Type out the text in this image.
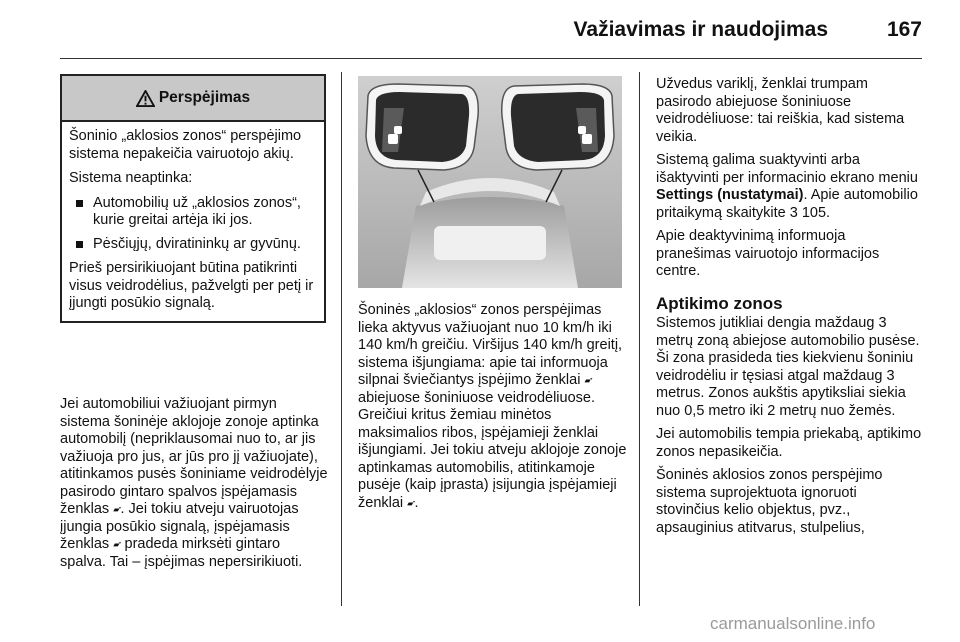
Važiavimas ir naudojimas	167
Perspėjimas

Šoninio „aklosios zonos“ perspėjimo sistema nepakeičia vairuotojo akių.

Sistema neaptinka:

Automobilių už „aklosios zonos“, kurie greitai artėja iki jos.
Pėsčiųjų, dviratininkų ar gyvūnų.

Prieš persirikiuojant būtina patikrinti visus veidrodėlius, pažvelgti per petį ir įjungti posūkio signalą.

Jei automobiliui važiuojant pirmyn sistema šoninėje aklojoje zonoje aptinka automobilį (nepriklausomai nuo to, ar jis važiuoja pro jus, ar jūs pro jį važiuojate), atitinkamos pusės šoniniame veidrodėlyje pasirodo gintaro spalvos įspėjamasis ženklas ▰ᐩ. Jei tokiu atveju vairuotojas įjungia posūkio signalą, įspėjamasis ženklas ▰ᐩ pradeda mirksėti gintaro spalva. Tai – įspėjimas nepersirikiuoti.

Šoninės „aklosios“ zonos perspėjimas lieka aktyvus važiuojant nuo 10 km/h iki 140 km/h greičiu. Viršijus 140 km/h greitį, sistema išjungiama: apie tai informuoja silpnai šviečiantys įspėjimo ženklai ▰ᐩ abiejuose šoniniuose veidrodėliuose. Greičiui kritus žemiau minėtos maksimalios ribos, įspėjamieji ženklai išjungiami. Jei tokiu atveju aklojoje zonoje aptinkamas automobilis, atitinkamoje pusėje (kaip įprasta) įsijungia įspėjamieji ženklai ▰ᐩ.

Užvedus variklį, ženklai trumpam pasirodo abiejuose šoniniuose veidrodėliuose: tai reiškia, kad sistema veikia.

Sistemą galima suaktyvinti arba išaktyvinti per informacinio ekrano meniu Settings (nustatymai). Apie automobilio pritaikymą skaitykite 3 105.

Apie deaktyvinimą informuoja pranešimas vairuotojo informacijos centre.

Aptikimo zonos

Sistemos jutikliai dengia maždaug 3 metrų zoną abiejose automobilio pusėse. Ši zona prasideda ties kiekvienu šoniniu veidrodėliu ir tęsiasi atgal maždaug 3 metrus. Zonos aukštis apytiksliai siekia nuo 0,5 metro iki 2 metrų nuo žemės.

Jei automobilis tempia priekabą, aptikimo zonos nepasikeičia.

Šoninės aklosios zonos perspėjimo sistema suprojektuota ignoruoti stovinčius kelio objektus, pvz., apsauginius atitvarus, stulpelius,

carmanualsonline.info
